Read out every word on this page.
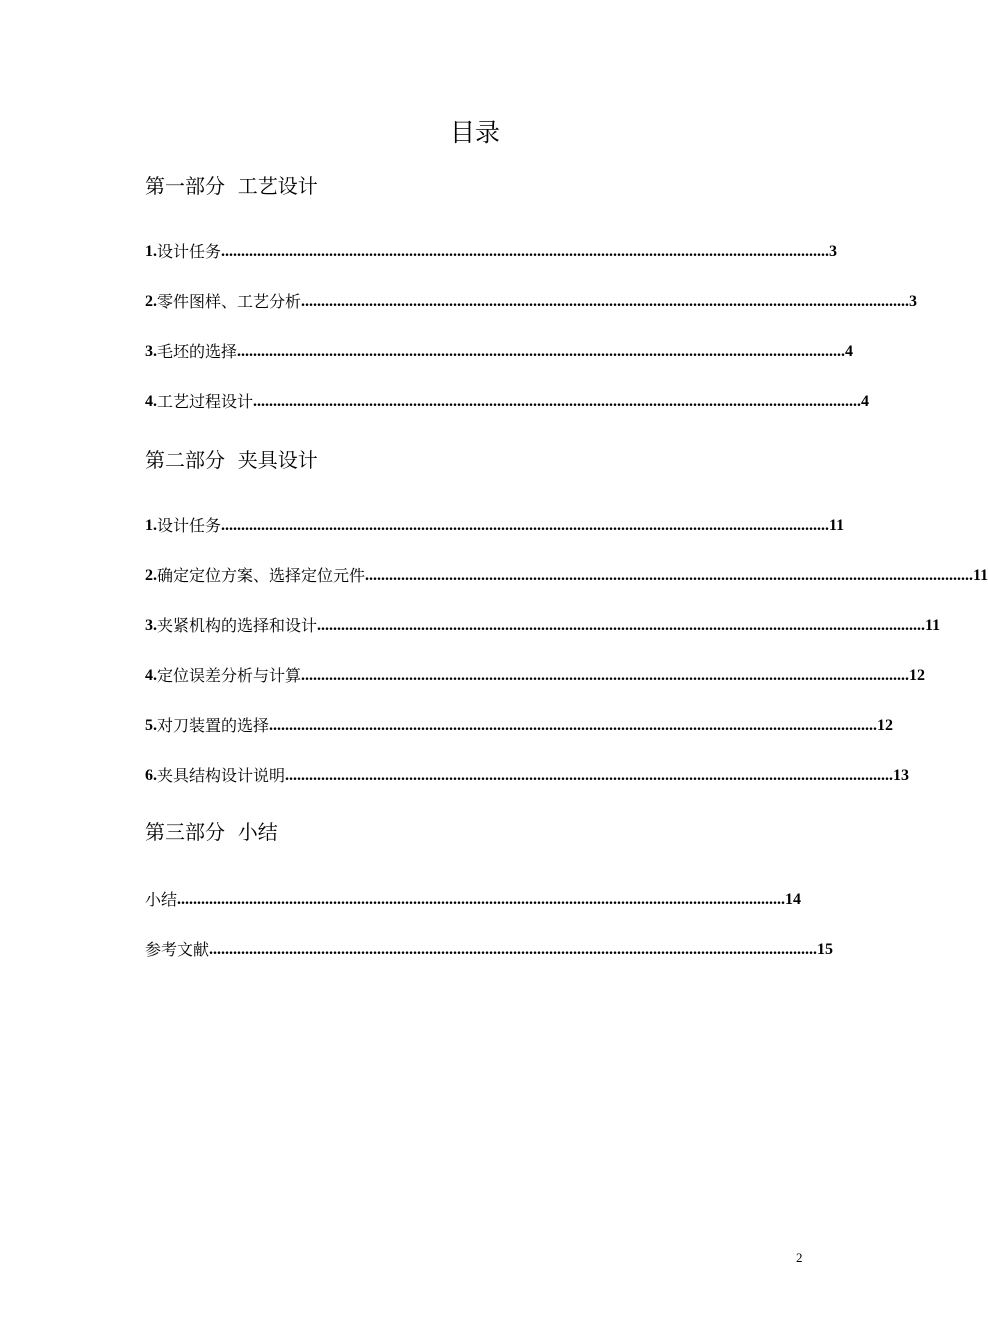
目录
第一部分  工艺设计
1. 设计任务 ........................................................................................................................................................ 3
2. 零件图样、工艺分析 ........................................................................................................................................................ 3
3. 毛坯的选择 ........................................................................................................................................................ 4
4. 工艺过程设计 ........................................................................................................................................................ 4
第二部分  夹具设计
1. 设计任务 ........................................................................................................................................................ 11
2. 确定定位方案、选择定位元件 ........................................................................................................................................................ 11
3. 夹紧机构的选择和设计 ........................................................................................................................................................ 11
4. 定位误差分析与计算 ........................................................................................................................................................ 12
5. 对刀装置的选择 ........................................................................................................................................................ 12
6. 夹具结构设计说明 ........................................................................................................................................................ 13
第三部分  小结
小结 ........................................................................................................................................................ 14
参考文献 ........................................................................................................................................................ 15
2
